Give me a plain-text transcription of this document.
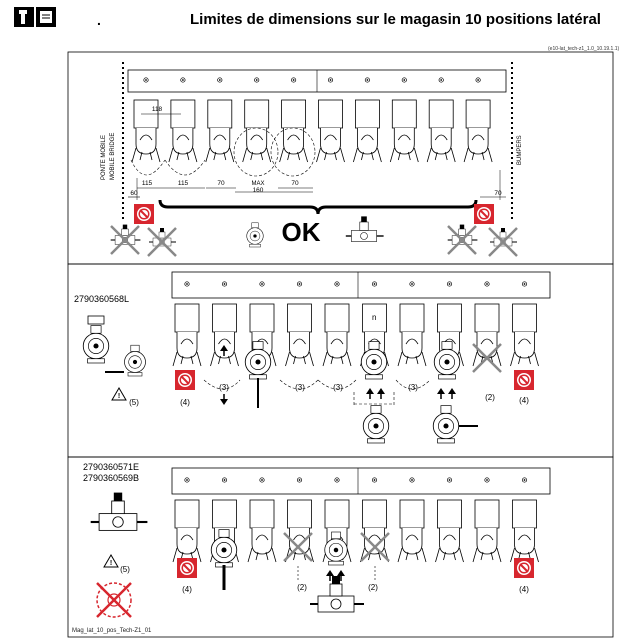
.	Limites de dimensions sur le magasin 10 positions latéral
(e10-lat_tech-z1_1.0_10.19.1.1)
PONTE MOBILE MOBILE BRIDGE	BUMPERS
118
115	115	70	MAX
160
70
60	70
OK
n
(4)
(3)	(3)	(3)	(3)
(2)	(4)
2790360568L
!
(5)
(4)	(2)	(2)	(4)
2790360571E
2790360569B
!
(5)
Mag_lat_10_pos_Tech-Z1_01
